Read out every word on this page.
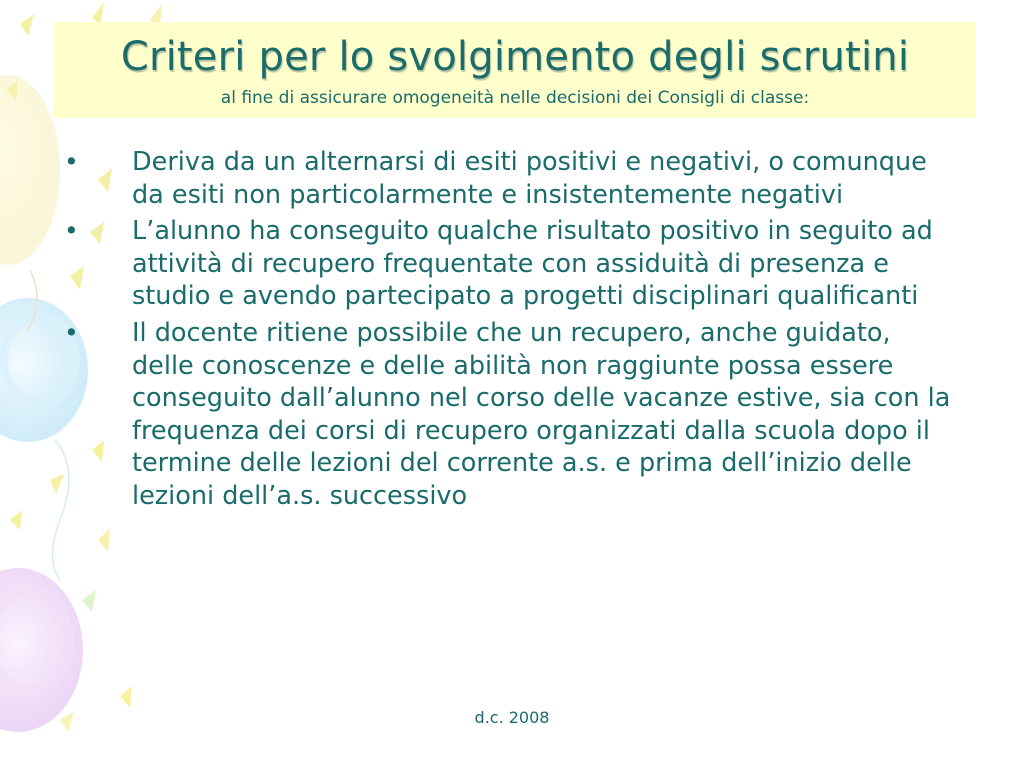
Criteri per lo svolgimento degli scrutini
al fine di assicurare omogeneità nelle decisioni dei Consigli di classe:
• Deriva da un alternarsi di esiti positivi e negativi, o comunque da esiti non particolarmente e insistentemente negativi
• L’alunno ha conseguito qualche risultato positivo in seguito ad attività di recupero frequentate con assiduità di presenza e studio e avendo partecipato a progetti disciplinari qualificanti
• Il docente ritiene possibile che un recupero, anche guidato, delle conoscenze e delle abilità non raggiunte possa essere conseguito dall’alunno nel corso delle vacanze estive, sia con la frequenza dei corsi di recupero organizzati dalla scuola dopo il termine delle lezioni del corrente a.s. e prima dell’inizio delle lezioni dell’a.s. successivo
d.c. 2008
